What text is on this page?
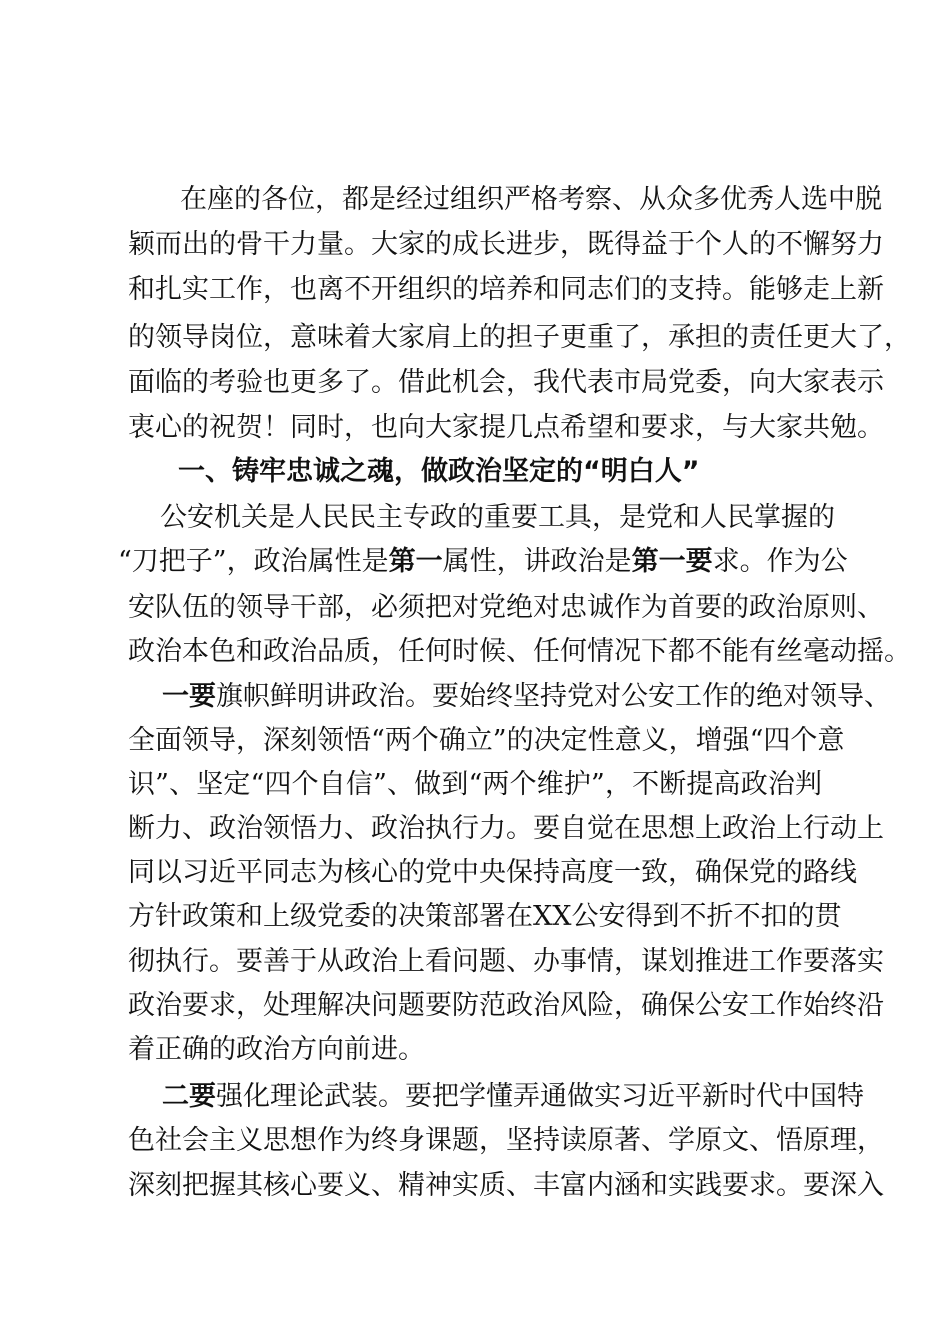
在座的各位，都是经过组织严格考察、从众多优秀人选中脱
颖而出的骨干力量。大家的成长进步，既得益于个人的不懈努力
和扎实工作，也离不开组织的培养和同志们的支持。能够走上新
的领导岗位，意味着大家肩上的担子更重了，承担的责任更大了，
面临的考验也更多了。借此机会，我代表市局党委，向大家表示
衷心的祝贺！同时，也向大家提几点希望和要求，与大家共勉。
一、铸牢忠诚之魂，做政治坚定的“明白人”
公安机关是人民民主专政的重要工具，是党和人民掌握的
“刀把子”，政治属性是第一属性，讲政治是第一要求。作为公
安队伍的领导干部，必须把对党绝对忠诚作为首要的政治原则、
政治本色和政治品质，任何时候、任何情况下都不能有丝毫动摇。
一要旗帜鲜明讲政治。要始终坚持党对公安工作的绝对领导、
全面领导，深刻领悟“两个确立”的决定性意义，增强“四个意
识”、坚定“四个自信”、做到“两个维护”，不断提高政治判
断力、政治领悟力、政治执行力。要自觉在思想上政治上行动上
同以习近平同志为核心的党中央保持高度一致，确保党的路线
方针政策和上级党委的决策部署在XX公安得到不折不扣的贯
彻执行。要善于从政治上看问题、办事情，谋划推进工作要落实
政治要求，处理解决问题要防范政治风险，确保公安工作始终沿
着正确的政治方向前进。
二要强化理论武装。要把学懂弄通做实习近平新时代中国特
色社会主义思想作为终身课题，坚持读原著、学原文、悟原理，
深刻把握其核心要义、精神实质、丰富内涵和实践要求。要深入
